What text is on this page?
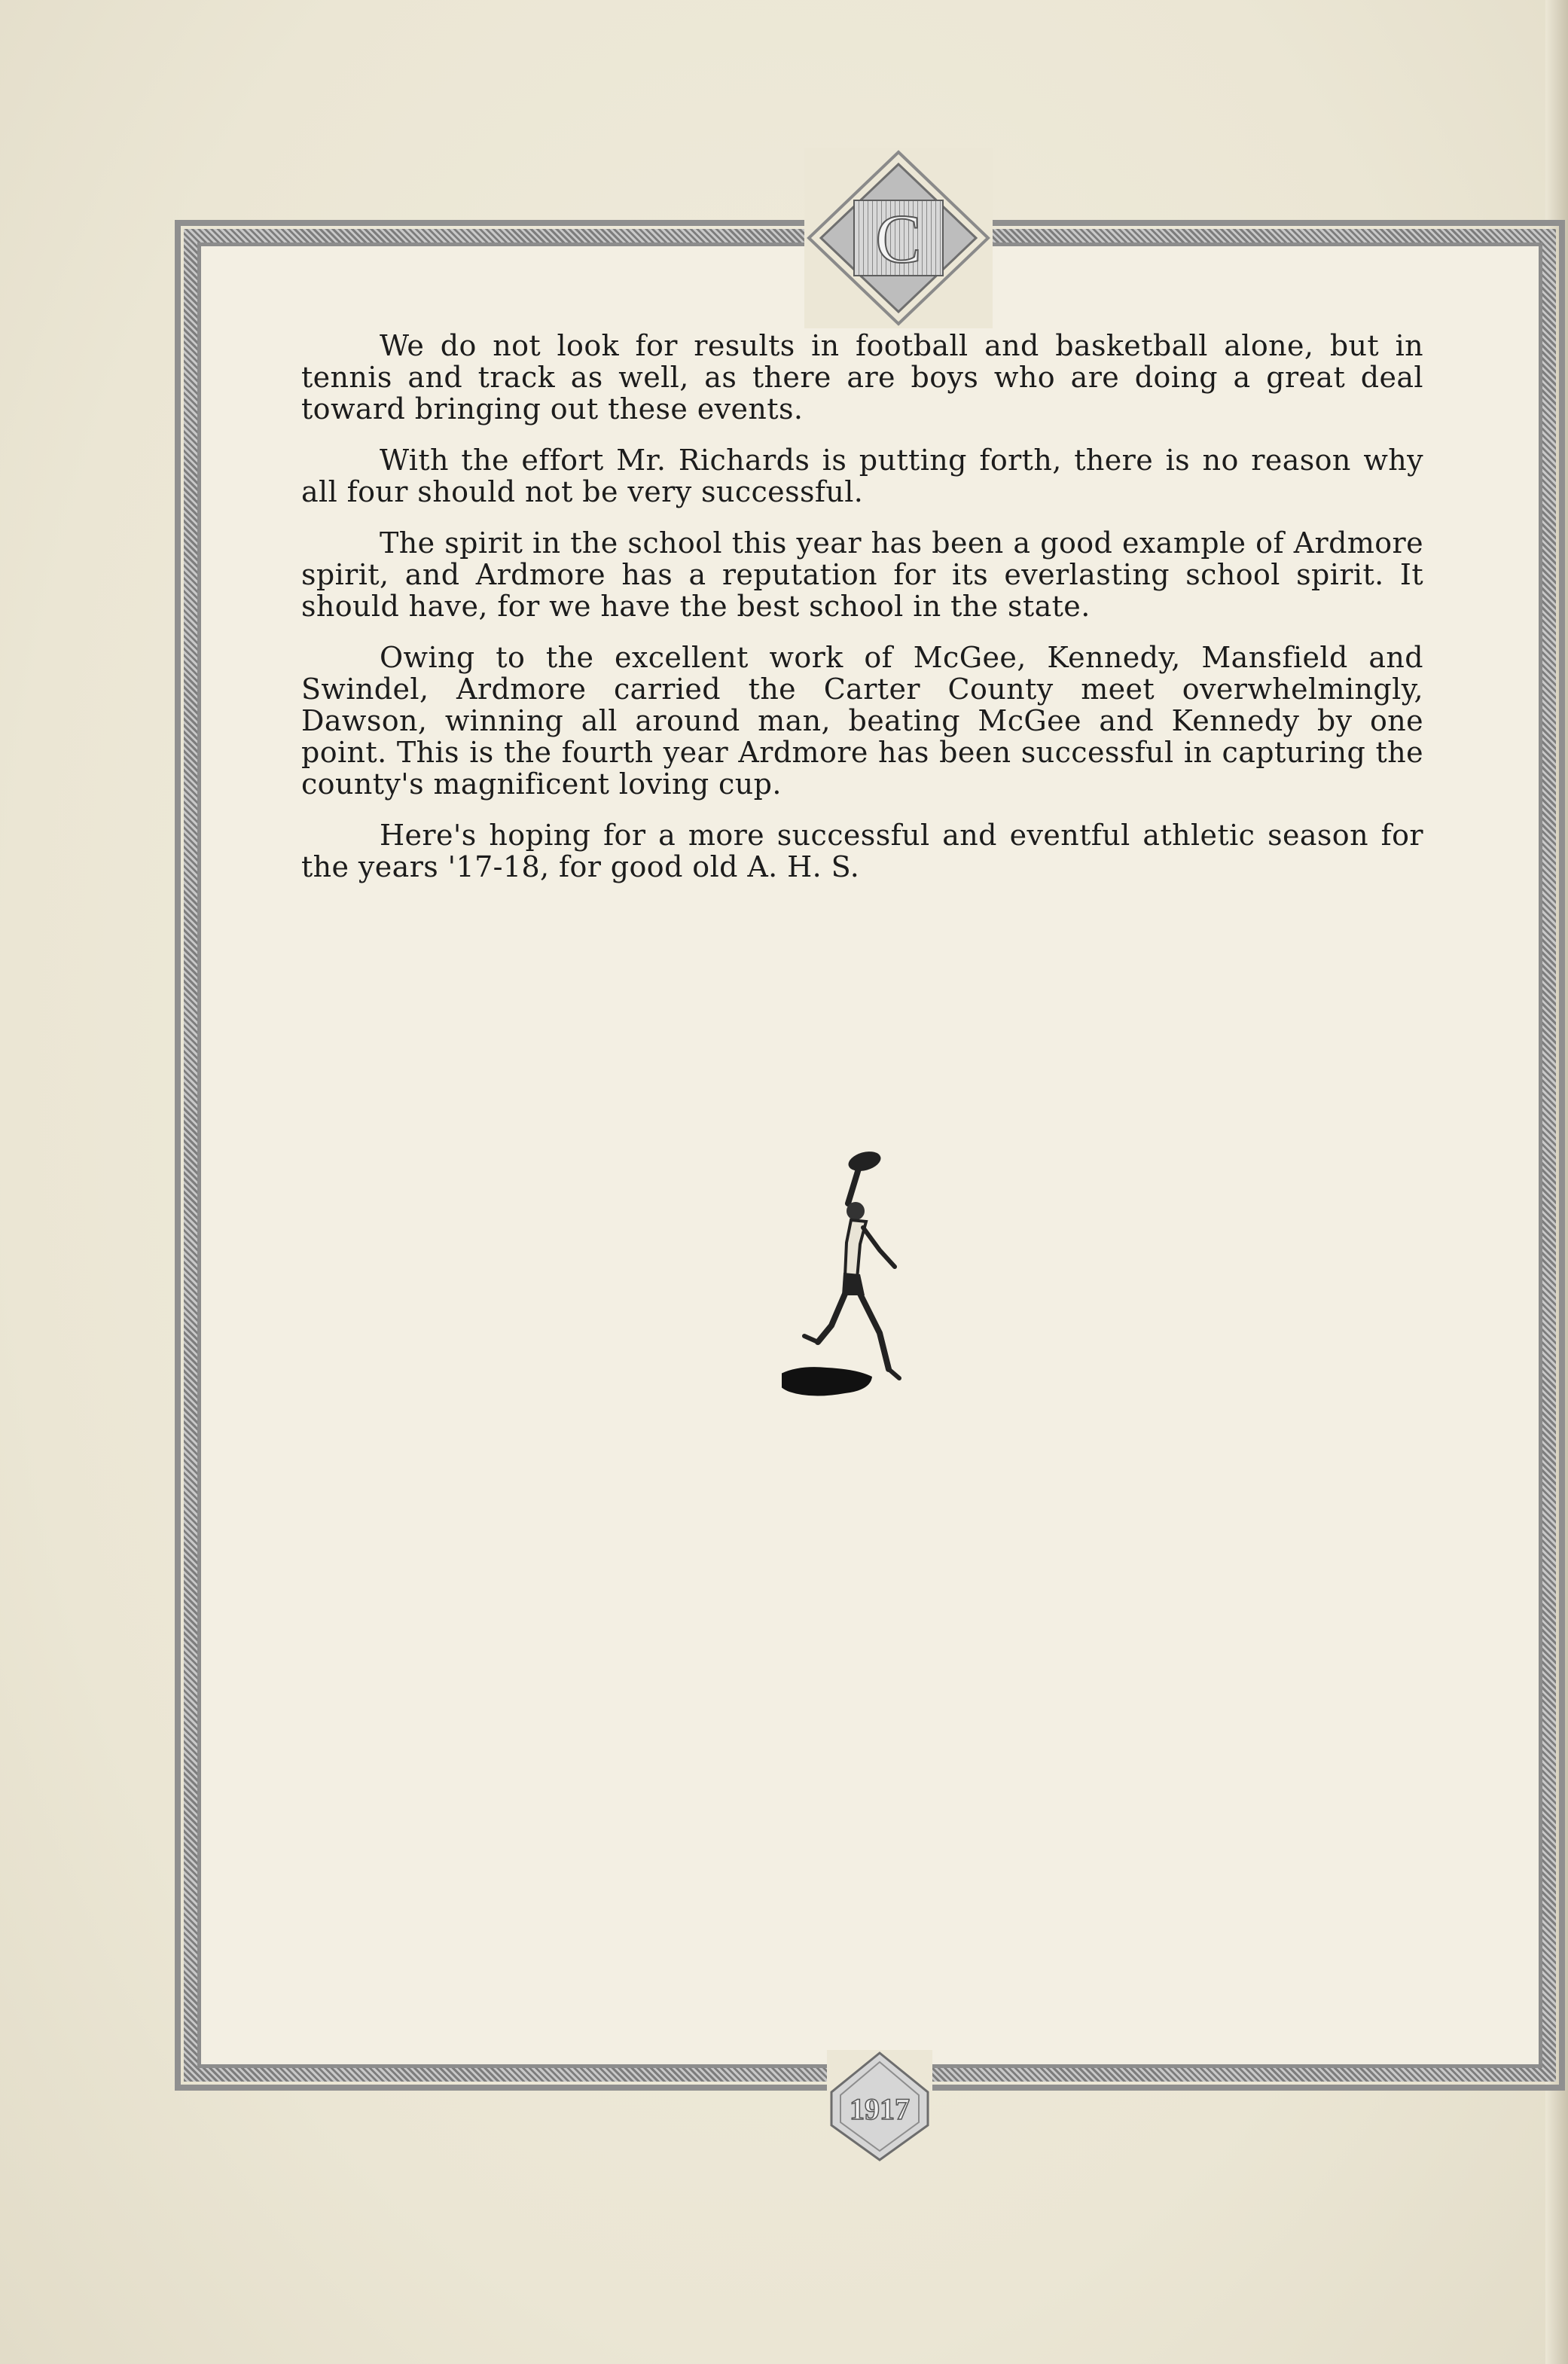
C

We do not look for results in football and basketball alone, but in tennis and track as well, as there are boys who are doing a great deal toward bringing out these events.

With the effort Mr. Richards is putting forth, there is no reason why all four should not be very successful.

The spirit in the school this year has been a good example of Ardmore spirit, and Ardmore has a reputation for its everlasting school spirit. It should have, for we have the best school in the state.

Owing to the excellent work of McGee, Kennedy, Mansfield and Swindel, Ardmore carried the Carter County meet overwhelmingly, Dawson, winning all around man, beating McGee and Kennedy by one point. This is the fourth year Ardmore has been successful in capturing the county's magnificent loving cup.

Here's hoping for a more successful and eventful athletic season for the years '17-18, for good old A. H. S.

1917
